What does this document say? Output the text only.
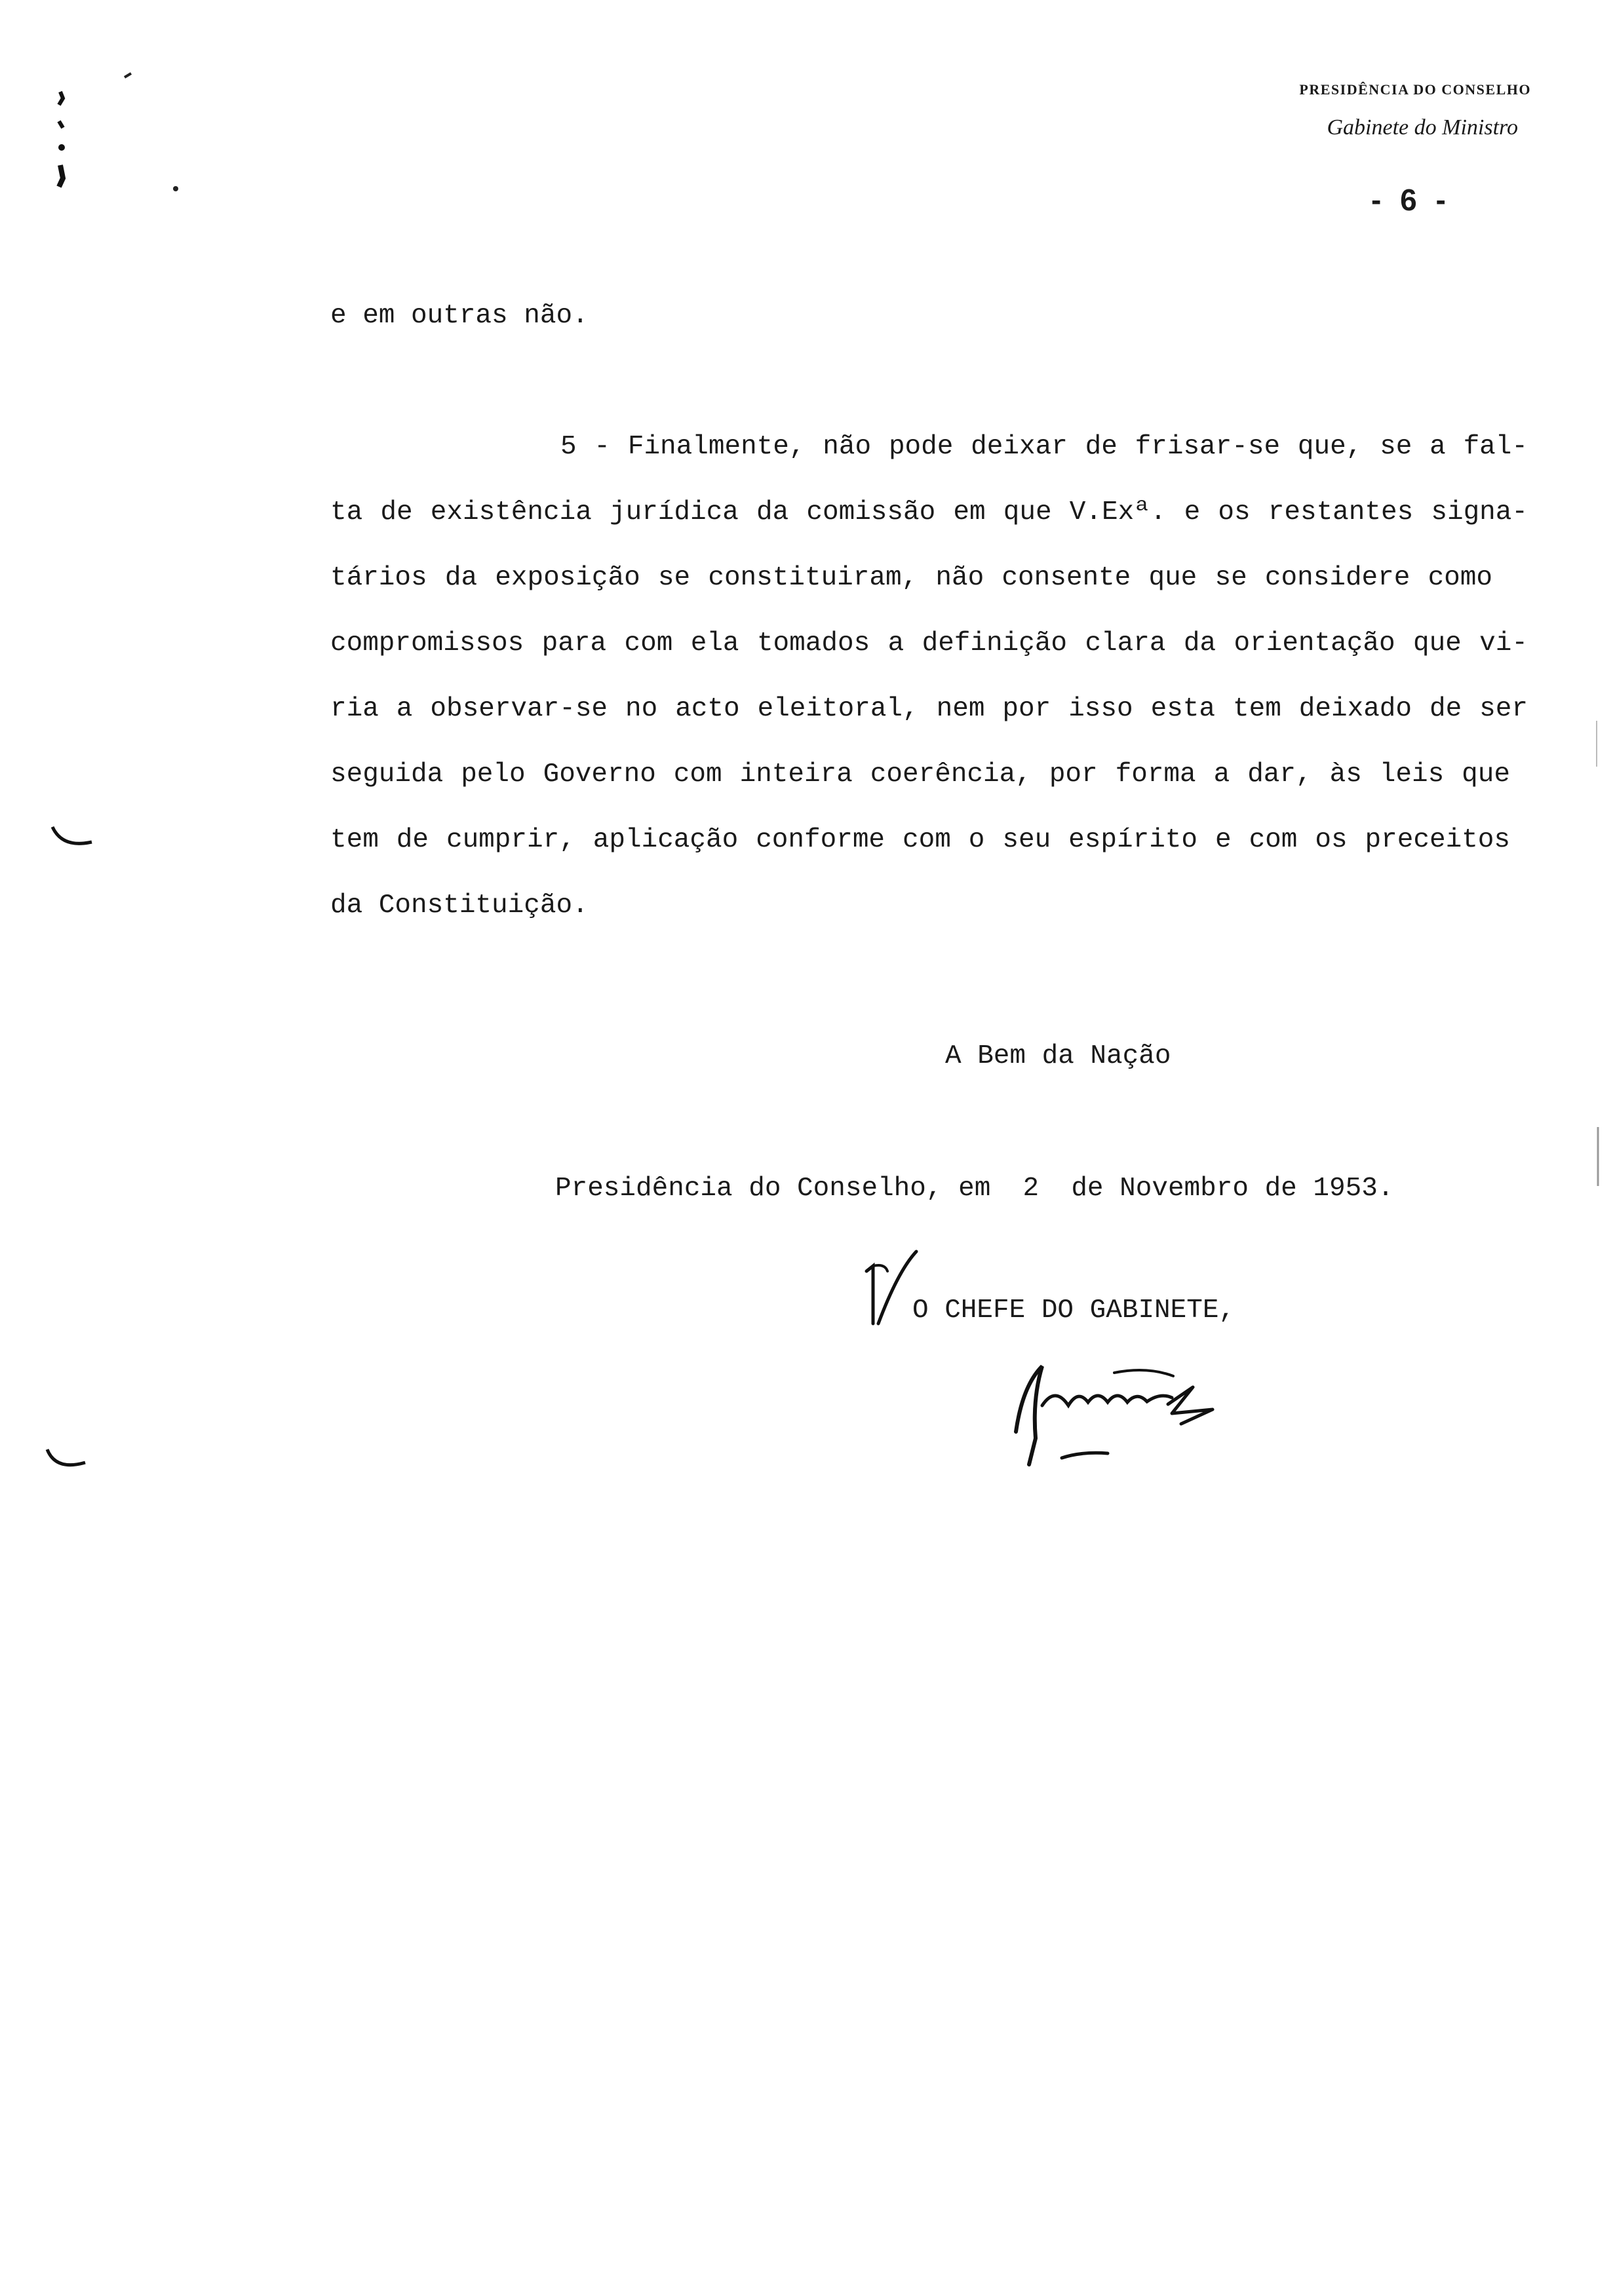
PRESIDÊNCIA DO CONSELHO
Gabinete do Ministro
- 6 -
e em outras não.
5 - Finalmente, não pode deixar de frisar-se que, se a fal-
ta de existência jurídica da comissão em que V.Exª. e os restantes signa-
tários da exposição se constituiram, não consente que se considere como
compromissos para com ela tomados a definição clara da orientação que vi-
ria a observar-se no acto eleitoral, nem por isso esta tem deixado de ser
seguida pelo Governo com inteira coerência, por forma a dar, às leis que
tem de cumprir, aplicação conforme com o seu espírito e com os preceitos
da Constituição.
A Bem da Nação
Presidência do Conselho, em  2  de Novembro de 1953.
O CHEFE DO GABINETE,
